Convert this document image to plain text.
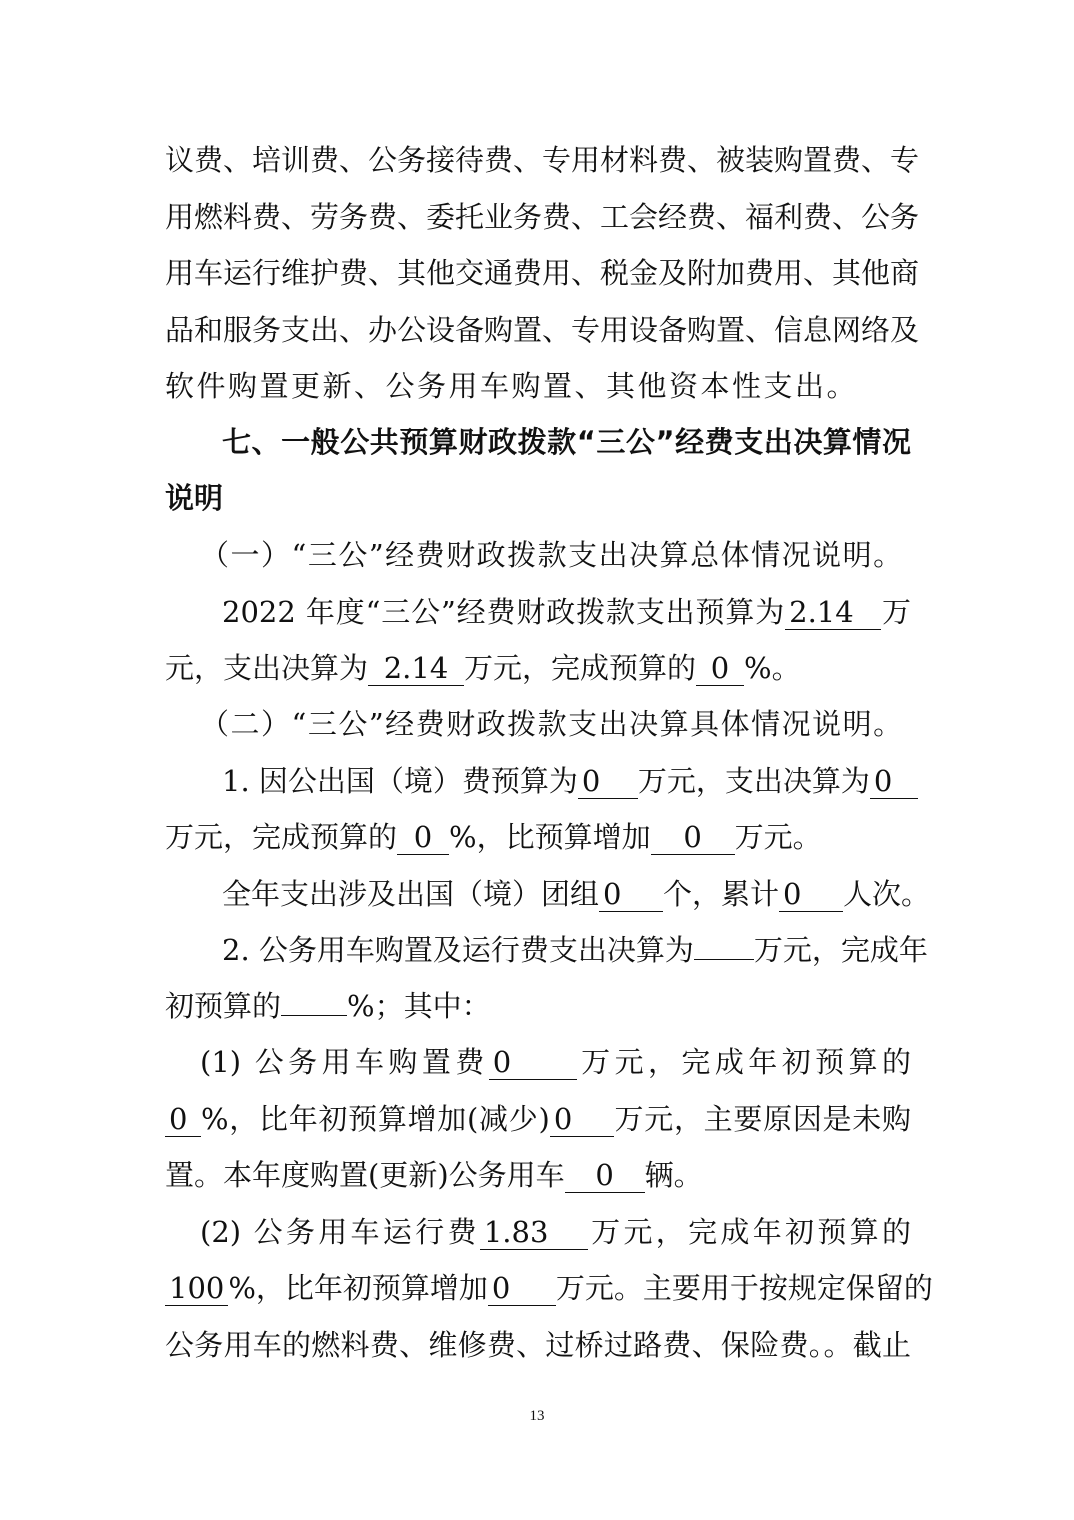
议费、培训费、公务接待费、专用材料费、被装购置费、专
用燃料费、劳务费、委托业务费、工会经费、福利费、公务
用车运行维护费、其他交通费用、税金及附加费用、其他商
品和服务支出、办公设备购置、专用设备购置、信息网络及
软件购置更新、公务用车购置、其他资本性支出。
七、一般公共预算财政拨款“三公”经费支出决算情况
说明
（一）“三公”经费财政拨款支出决算总体情况说明。
2022 年度“三公”经费财政拨款支出预算为 2.14 万
元，支出决算为 2.14 万元，完成预算的 0 %。
（二）“三公”经费财政拨款支出决算具体情况说明。
1. 因公出国（境）费预算为 0 万元，支出决算为 0
万元，完成预算的 0 %，比预算增加 0 万元。
全年支出涉及出国（境）团组 0 个，累计 0 人次。
2. 公务用车购置及运行费支出决算为 万元，完成年
初预算的 %；其中：
(1) 公务用车购置费 0 万元，完成年初预算的
0 %，比年初预算增加(减少) 0 万元，主要原因是未购
置。本年度购置(更新)公务用车 0 辆。
(2) 公务用车运行费 1.83 万元，完成年初预算的
100 %，比年初预算增加 0 万元。主要用于按规定保留的
公务用车的燃料费、维修费、过桥过路费、保险费。。截止
13
